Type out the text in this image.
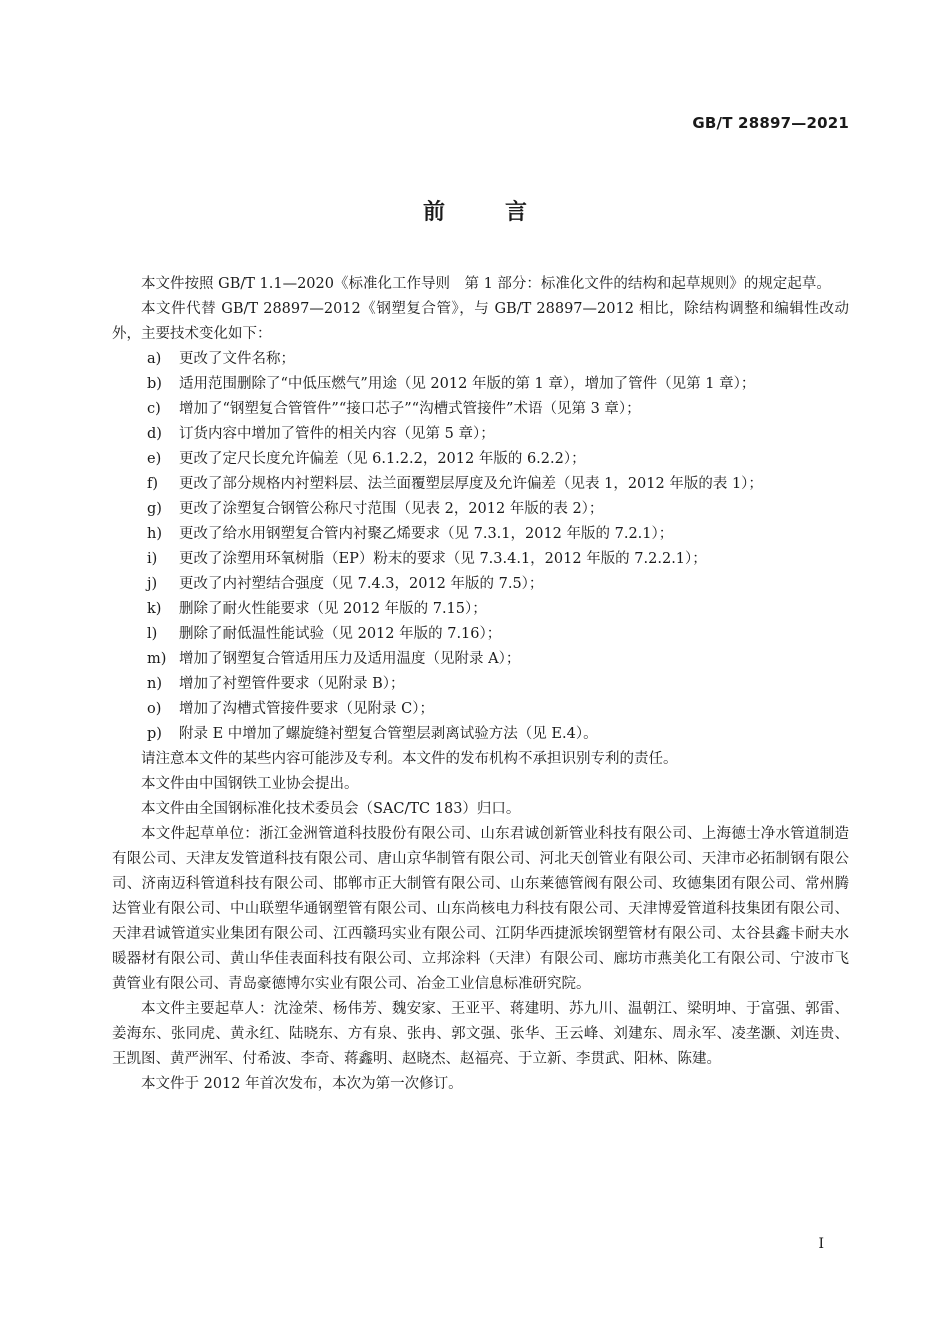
GB/T 28897—2021
前	言

本文件按照 GB/T 1.1—2020《标准化工作导则　第 1 部分：标准化文件的结构和起草规则》的规定起草。

本文件代替 GB/T 28897—2012《钢塑复合管》，与 GB/T 28897—2012 相比，除结构调整和编辑性改动外，主要技术变化如下：

a) 更改了文件名称；

b) 适用范围删除了“中低压燃气”用途（见 2012 年版的第 1 章），增加了管件（见第 1 章）；

c) 增加了“钢塑复合管管件”“接口芯子”“沟槽式管接件”术语（见第 3 章）；

d) 订货内容中增加了管件的相关内容（见第 5 章）；

e) 更改了定尺长度允许偏差（见 6.1.2.2，2012 年版的 6.2.2）；

f) 更改了部分规格内衬塑料层、法兰面覆塑层厚度及允许偏差（见表 1，2012 年版的表 1）；

g) 更改了涂塑复合钢管公称尺寸范围（见表 2，2012 年版的表 2）；

h) 更改了给水用钢塑复合管内衬聚乙烯要求（见 7.3.1，2012 年版的 7.2.1）；

i) 更改了涂塑用环氧树脂（EP）粉末的要求（见 7.3.4.1，2012 年版的 7.2.2.1）；

j) 更改了内衬塑结合强度（见 7.4.3，2012 年版的 7.5）；

k) 删除了耐火性能要求（见 2012 年版的 7.15）；

l) 删除了耐低温性能试验（见 2012 年版的 7.16）；

m) 增加了钢塑复合管适用压力及适用温度（见附录 A）；

n) 增加了衬塑管件要求（见附录 B）；

o) 增加了沟槽式管接件要求（见附录 C）；

p) 附录 E 中增加了螺旋缝衬塑复合管塑层剥离试验方法（见 E.4）。

请注意本文件的某些内容可能涉及专利。本文件的发布机构不承担识别专利的责任。

本文件由中国钢铁工业协会提出。

本文件由全国钢标准化技术委员会（SAC/TC 183）归口。

本文件起草单位：浙江金洲管道科技股份有限公司、山东君诚创新管业科技有限公司、上海德士净水管道制造有限公司、天津友发管道科技有限公司、唐山京华制管有限公司、河北天创管业有限公司、天津市必拓制钢有限公司、济南迈科管道科技有限公司、邯郸市正大制管有限公司、山东莱德管阀有限公司、玫德集团有限公司、常州腾达管业有限公司、中山联塑华通钢塑管有限公司、山东尚核电力科技有限公司、天津博爱管道科技集团有限公司、天津君诚管道实业集团有限公司、江西赣玛实业有限公司、江阴华西捷派埃钢塑管材有限公司、太谷县鑫卡耐夫水暖器材有限公司、黄山华佳表面科技有限公司、立邦涂料（天津）有限公司、廊坊市燕美化工有限公司、宁波市飞黄管业有限公司、青岛豪德博尔实业有限公司、冶金工业信息标准研究院。

本文件主要起草人：沈淦荣、杨伟芳、魏安家、王亚平、蒋建明、苏九川、温朝江、梁明坤、于富强、郭雷、姜海东、张同虎、黄永红、陆晓东、方有泉、张冉、郭文强、张华、王云峰、刘建东、周永军、凌垄灏、刘连贵、王凯图、黄严洲军、付希波、李奇、蒋鑫明、赵晓杰、赵福亮、于立新、李贯武、阳林、陈建。

本文件于 2012 年首次发布，本次为第一次修订。

I
